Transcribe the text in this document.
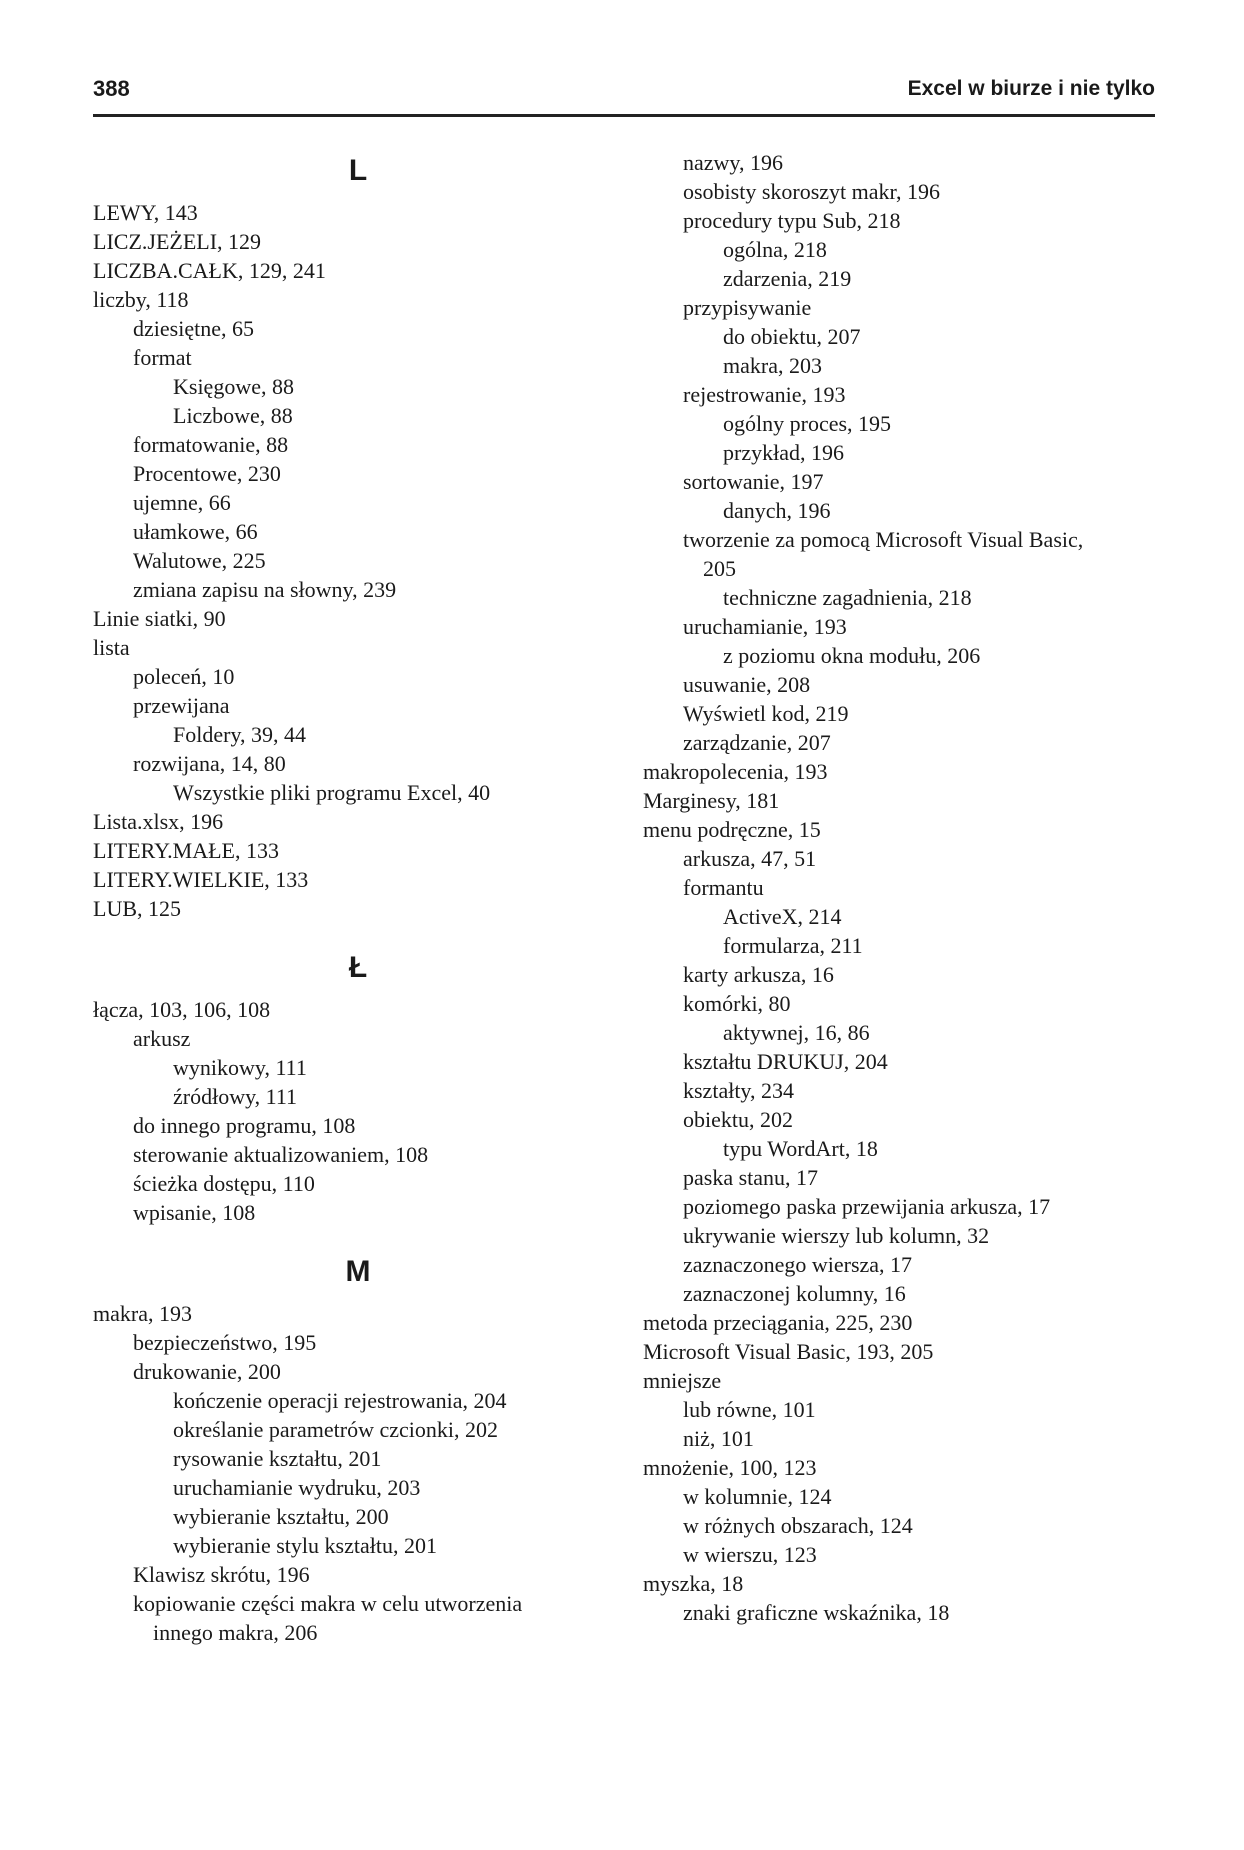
388	Excel w biurze i nie tylko
L
LEWY, 143
LICZ.JEŻELI, 129
LICZBA.CAŁK, 129, 241
liczby, 118
dziesiętne, 65
format
Księgowe, 88
Liczbowe, 88
formatowanie, 88
Procentowe, 230
ujemne, 66
ułamkowe, 66
Walutowe, 225
zmiana zapisu na słowny, 239
Linie siatki, 90
lista
poleceń, 10
przewijana
Foldery, 39, 44
rozwijana, 14, 80
Wszystkie pliki programu Excel, 40
Lista.xlsx, 196
LITERY.MAŁE, 133
LITERY.WIELKIE, 133
LUB, 125
Ł
łącza, 103, 106, 108
arkusz
wynikowy, 111
źródłowy, 111
do innego programu, 108
sterowanie aktualizowaniem, 108
ścieżka dostępu, 110
wpisanie, 108
M
makra, 193
bezpieczeństwo, 195
drukowanie, 200
kończenie operacji rejestrowania, 204
określanie parametrów czcionki, 202
rysowanie kształtu, 201
uruchamianie wydruku, 203
wybieranie kształtu, 200
wybieranie stylu kształtu, 201
Klawisz skrótu, 196
kopiowanie części makra w celu utworzenia
innego makra, 206
nazwy, 196
osobisty skoroszyt makr, 196
procedury typu Sub, 218
ogólna, 218
zdarzenia, 219
przypisywanie
do obiektu, 207
makra, 203
rejestrowanie, 193
ogólny proces, 195
przykład, 196
sortowanie, 197
danych, 196
tworzenie za pomocą Microsoft Visual Basic,
205
techniczne zagadnienia, 218
uruchamianie, 193
z poziomu okna modułu, 206
usuwanie, 208
Wyświetl kod, 219
zarządzanie, 207
makropolecenia, 193
Marginesy, 181
menu podręczne, 15
arkusza, 47, 51
formantu
ActiveX, 214
formularza, 211
karty arkusza, 16
komórki, 80
aktywnej, 16, 86
kształtu DRUKUJ, 204
kształty, 234
obiektu, 202
typu WordArt, 18
paska stanu, 17
poziomego paska przewijania arkusza, 17
ukrywanie wierszy lub kolumn, 32
zaznaczonego wiersza, 17
zaznaczonej kolumny, 16
metoda przeciągania, 225, 230
Microsoft Visual Basic, 193, 205
mniejsze
lub równe, 101
niż, 101
mnożenie, 100, 123
w kolumnie, 124
w różnych obszarach, 124
w wierszu, 123
myszka, 18
znaki graficzne wskaźnika, 18
